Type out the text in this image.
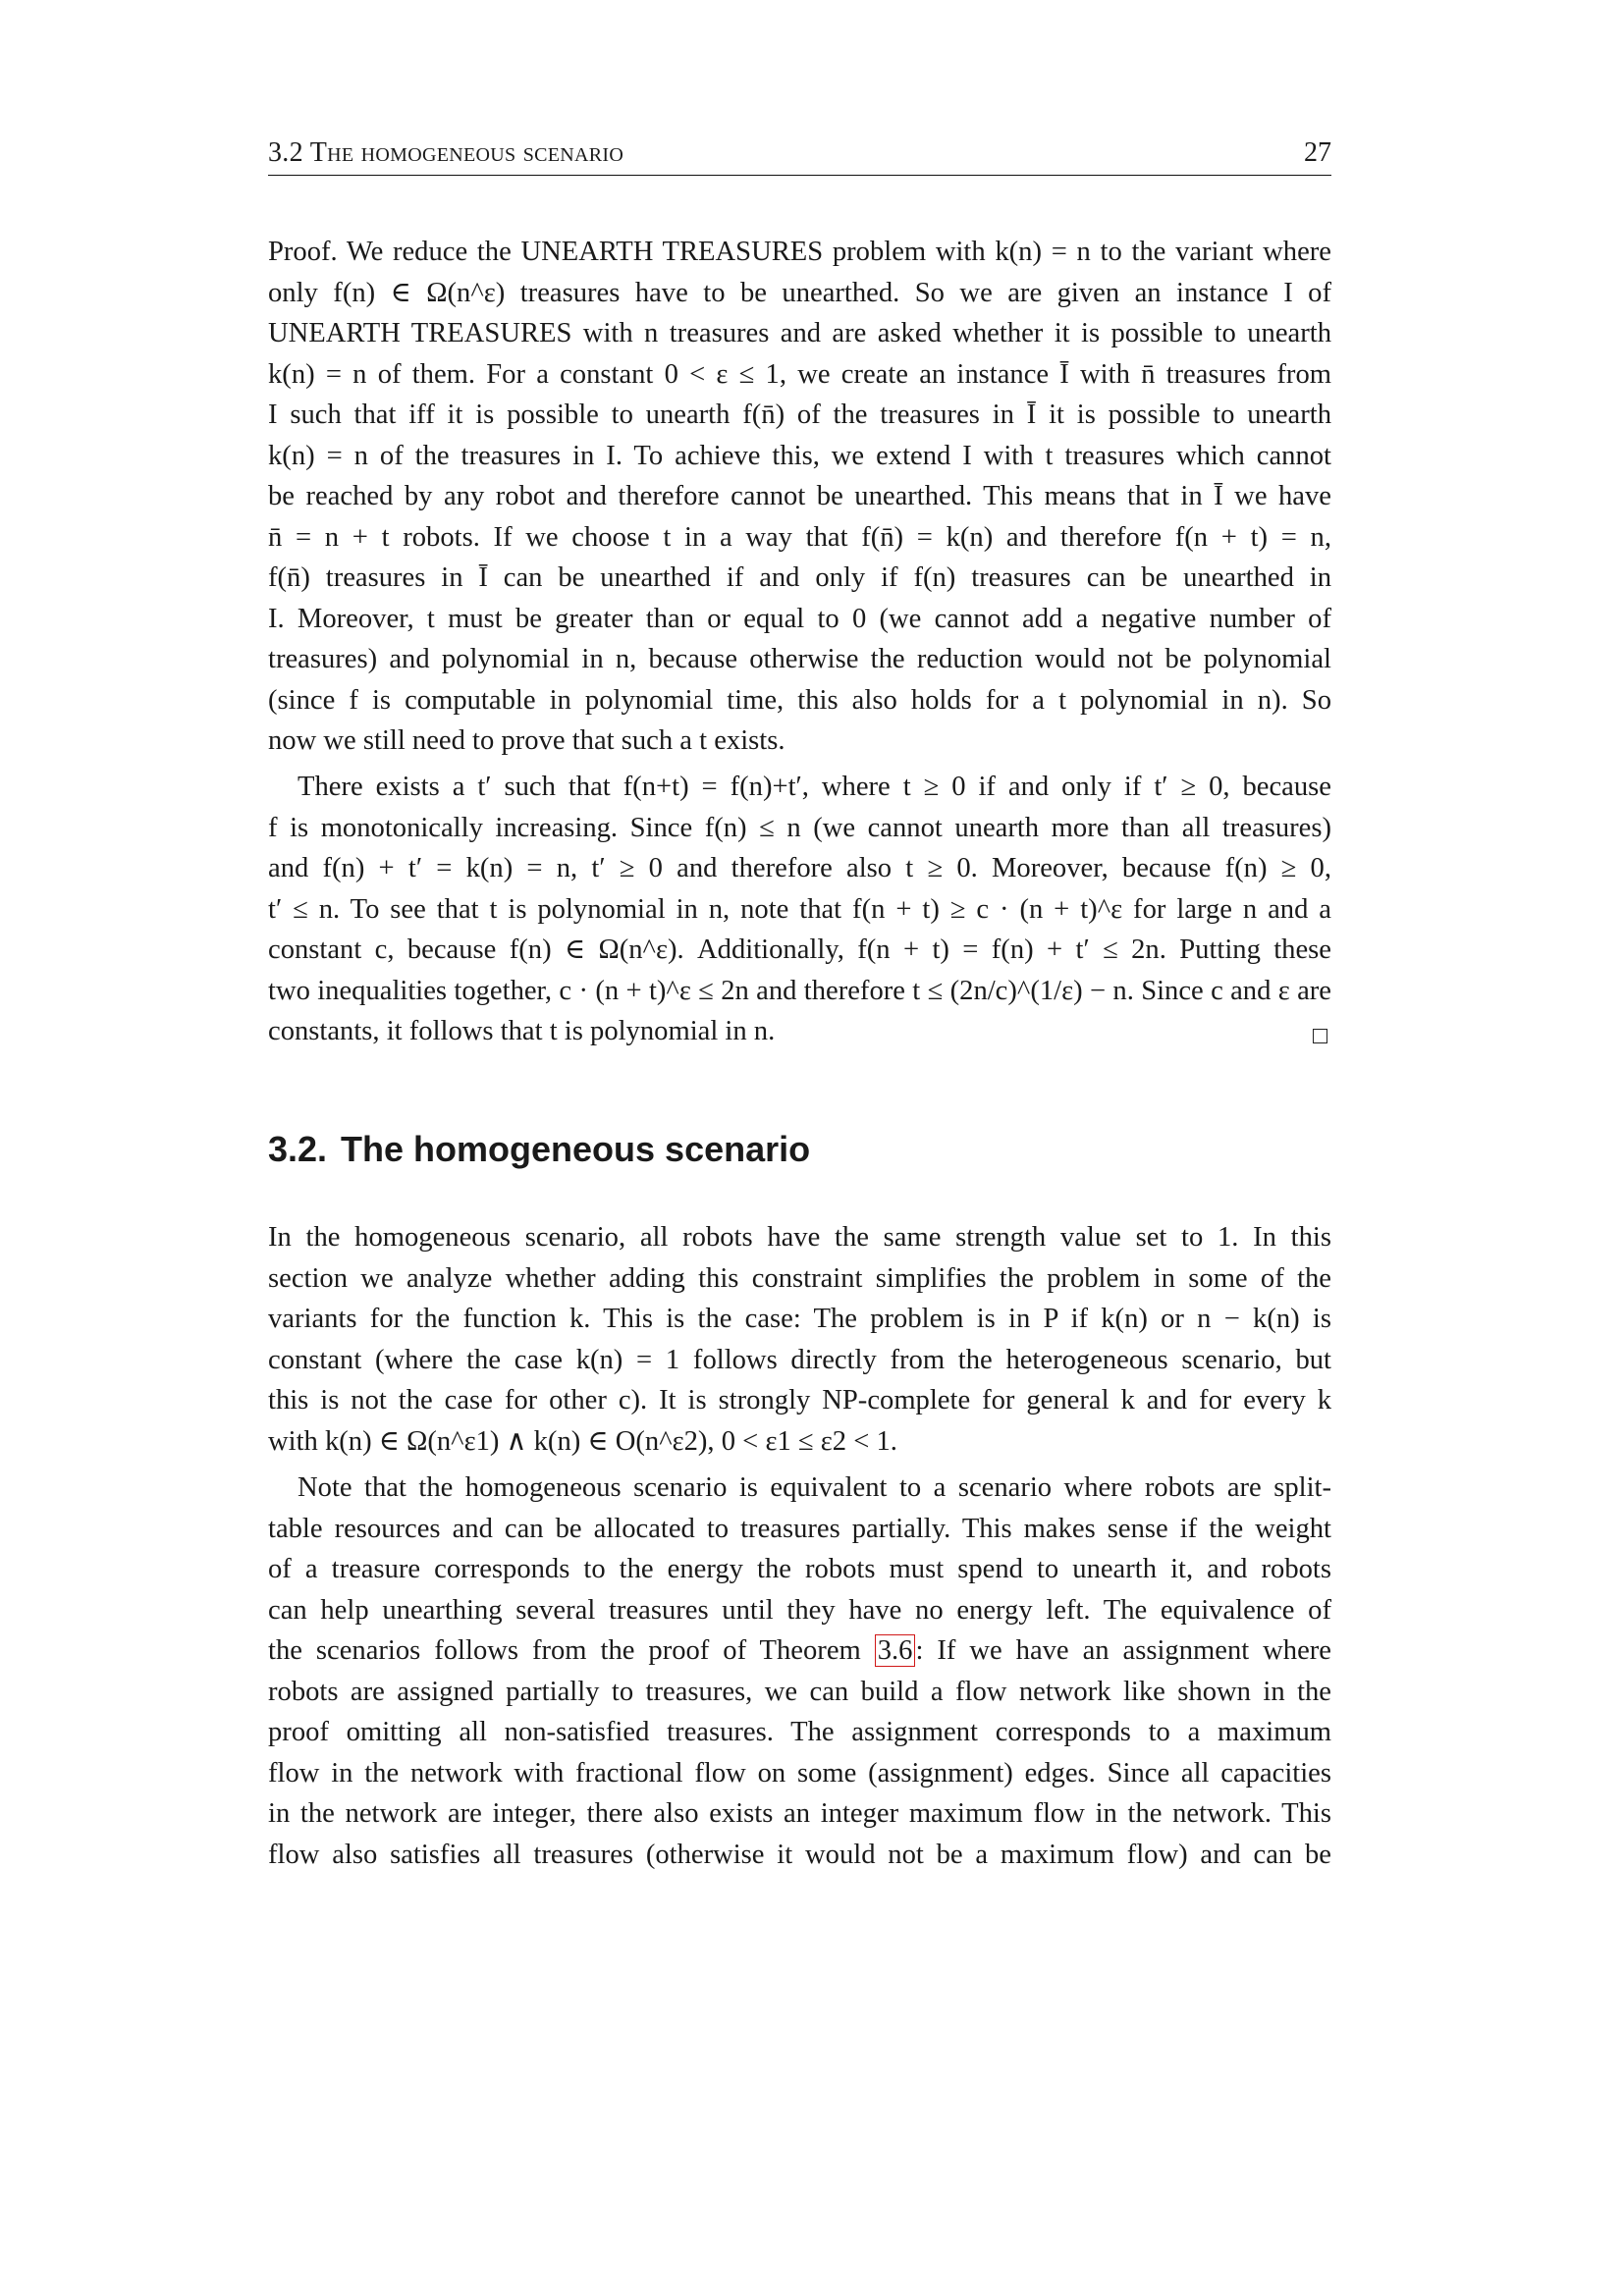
3.2 The homogeneous scenario	27
Proof. We reduce the UNEARTH TREASURES problem with k(n) = n to the variant where
only f(n) ∈ Ω(n^ε) treasures have to be unearthed. So we are given an instance I of
UNEARTH TREASURES with n treasures and are asked whether it is possible to unearth
k(n) = n of them. For a constant 0 < ε ≤ 1, we create an instance Ī with n̄ treasures from
I such that iff it is possible to unearth f(n̄) of the treasures in Ī it is possible to unearth
k(n) = n of the treasures in I. To achieve this, we extend I with t treasures which cannot
be reached by any robot and therefore cannot be unearthed. This means that in Ī we have
n̄ = n + t robots. If we choose t in a way that f(n̄) = k(n) and therefore f(n + t) = n,
f(n̄) treasures in Ī can be unearthed if and only if f(n) treasures can be unearthed in
I. Moreover, t must be greater than or equal to 0 (we cannot add a negative number of
treasures) and polynomial in n, because otherwise the reduction would not be polynomial
(since f is computable in polynomial time, this also holds for a t polynomial in n). So
now we still need to prove that such a t exists.
There exists a t′ such that f(n+t) = f(n)+t′, where t ≥ 0 if and only if t′ ≥ 0, because
f is monotonically increasing. Since f(n) ≤ n (we cannot unearth more than all treasures)
and f(n) + t′ = k(n) = n, t′ ≥ 0 and therefore also t ≥ 0. Moreover, because f(n) ≥ 0,
t′ ≤ n. To see that t is polynomial in n, note that f(n + t) ≥ c · (n + t)^ε for large n and a
constant c, because f(n) ∈ Ω(n^ε). Additionally, f(n + t) = f(n) + t′ ≤ 2n. Putting these
two inequalities together, c · (n + t)^ε ≤ 2n and therefore t ≤ (2n/c)^(1/ε) − n. Since c and ε are
constants, it follows that t is polynomial in n.
3.2. The homogeneous scenario
In the homogeneous scenario, all robots have the same strength value set to 1. In this
section we analyze whether adding this constraint simplifies the problem in some of the
variants for the function k. This is the case: The problem is in P if k(n) or n − k(n) is
constant (where the case k(n) = 1 follows directly from the heterogeneous scenario, but
this is not the case for other c). It is strongly NP-complete for general k and for every k
with k(n) ∈ Ω(n^ε1) ∧ k(n) ∈ O(n^ε2), 0 < ε1 ≤ ε2 < 1.
Note that the homogeneous scenario is equivalent to a scenario where robots are split-
table resources and can be allocated to treasures partially. This makes sense if the weight
of a treasure corresponds to the energy the robots must spend to unearth it, and robots
can help unearthing several treasures until they have no energy left. The equivalence of
the scenarios follows from the proof of Theorem 3.6 : If we have an assignment where
robots are assigned partially to treasures, we can build a flow network like shown in the
proof omitting all non-satisfied treasures. The assignment corresponds to a maximum
flow in the network with fractional flow on some (assignment) edges. Since all capacities
in the network are integer, there also exists an integer maximum flow in the network. This
flow also satisfies all treasures (otherwise it would not be a maximum flow) and can be
